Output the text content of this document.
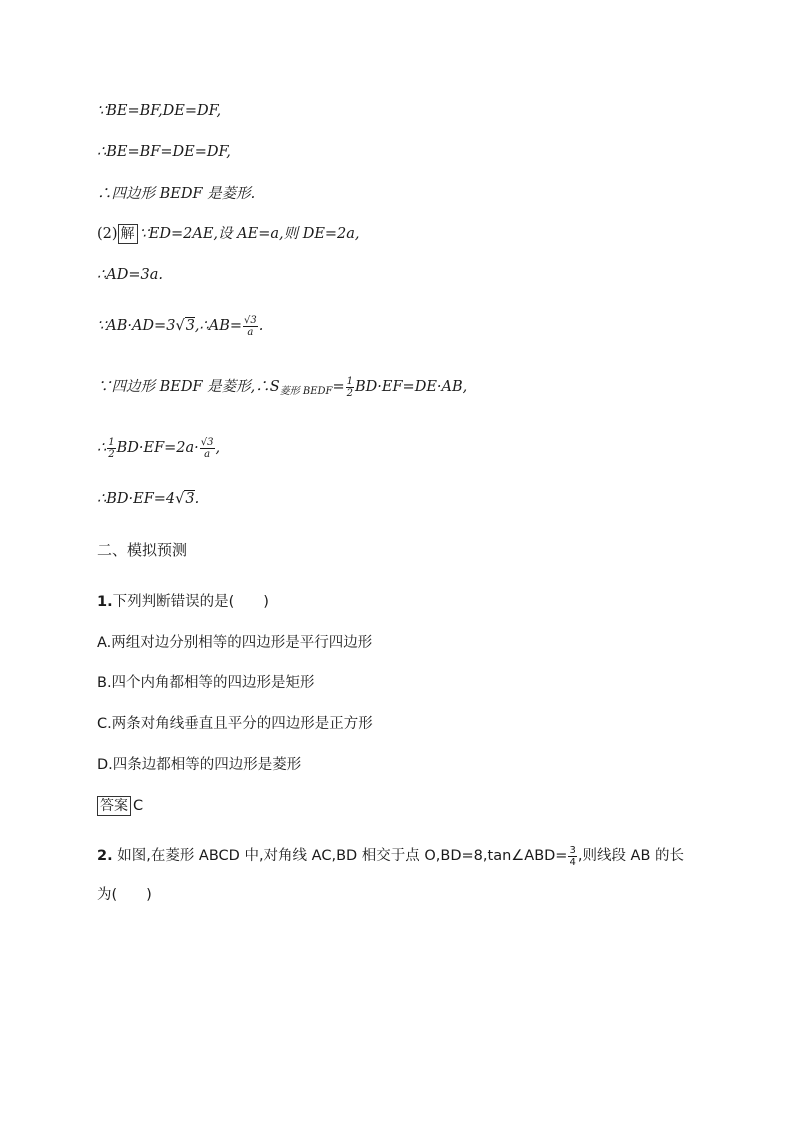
∵BE=BF,DE=DF,
∴BE=BF=DE=DF,
∴四边形 BEDF 是菱形.
(2) 解 ∵ED=2AE,设 AE=a,则 DE=2a,
∴AD=3a.
∵AB·AD=3√3,∴AB= $\frac{√3}{a}$ .
∵四边形 BEDF 是菱形$,\therefore S_{菱形 BEDF}= \frac{1}{2} BD\cdot EF=DE\cdot AB$,
∴ $\frac{1}{2} BD\cdot EF=2a\cdot \frac{√3}{a}$ ,
∴BD·EF=4√3.
二、模拟预测
1.下列判断错误的是(　　)
A.两组对边分别相等的四边形是平行四边形
B.四个内角都相等的四边形是矩形
C.两条对角线垂直且平分的四边形是正方形
D.四条边都相等的四边形是菱形
答案 C
2. 如图,在菱形 ABCD 中,对角线 AC,BD 相交于点 O,BD=8,tan∠ABD= $\frac{3}{4}$ ,则线段 AB 的长
为(　　)
